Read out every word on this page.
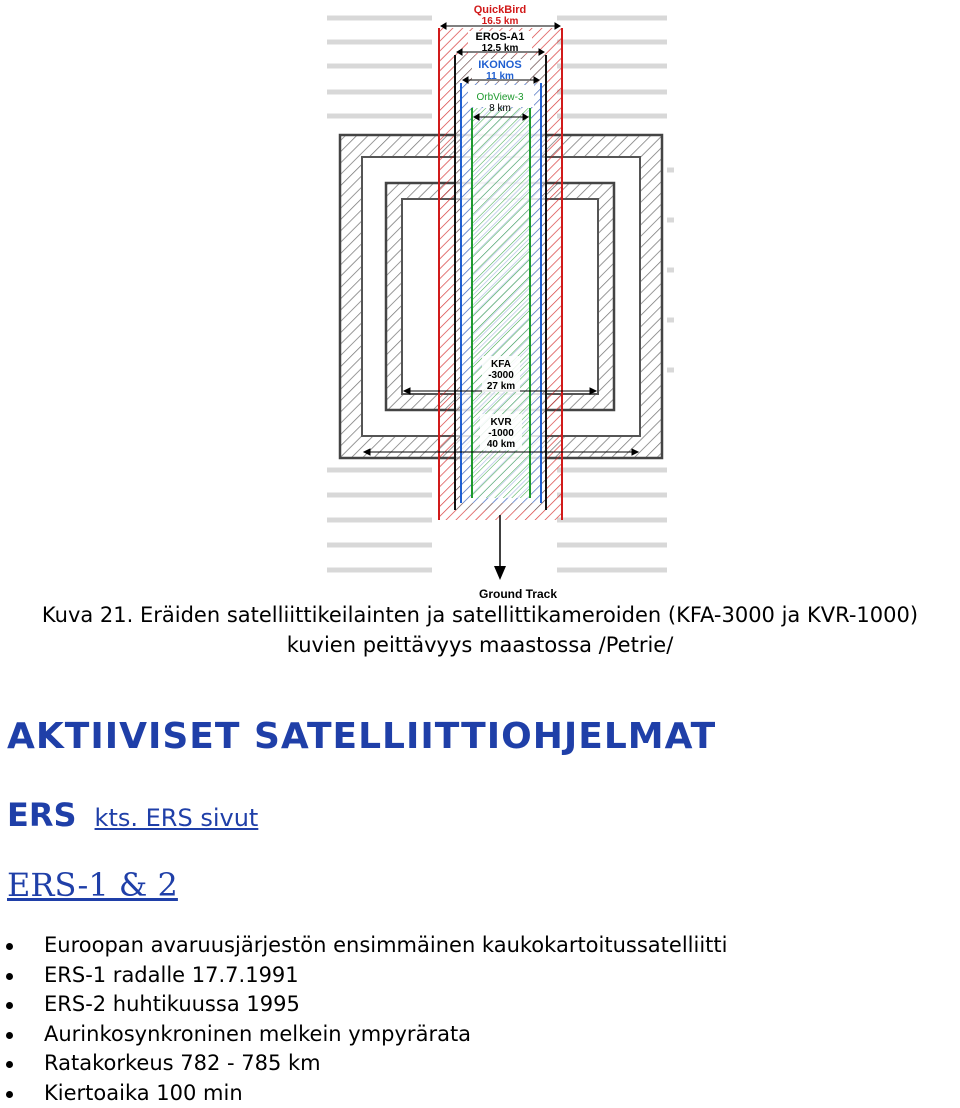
QuickBird
16.5 km
EROS-A1
12.5 km
IKONOS
11 km
OrbView-3
8 km
KFA
-3000
27 km
KVR
-1000
40 km
Ground Track
Kuva 21. Eräiden satelliittikeilainten ja satellittikameroiden (KFA-3000 ja KVR-1000)
kuvien peittävyys maastossa /Petrie/
AKTIIVISET SATELLIITTIOHJELMAT
ERS kts. ERS sivut
ERS-1 & 2
Euroopan avaruusjärjestön ensimmäinen kaukokartoitussatelliitti
ERS-1 radalle 17.7.1991
ERS-2 huhtikuussa 1995
Aurinkosynkroninen melkein ympyrärata
Ratakorkeus 782 - 785 km
Kiertoaika 100 min
